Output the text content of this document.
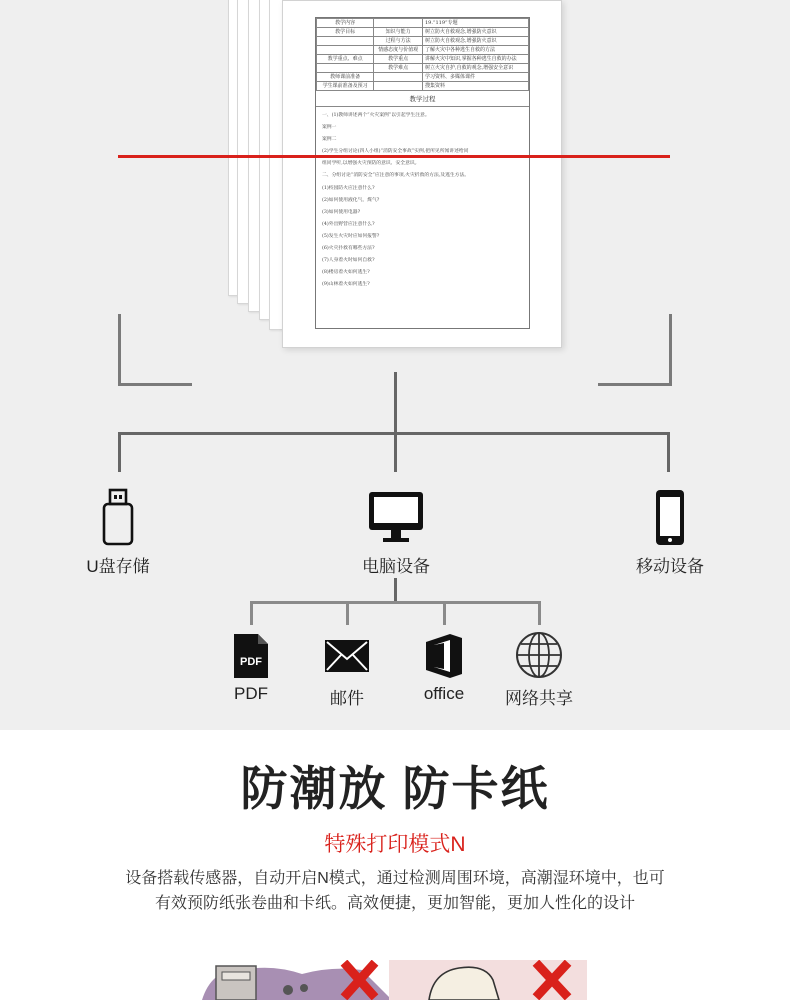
教学内容		19.“119”专题
教学目标	知识与能力	树立防火自救观念,增强防火意识
	过程与方法	树立防火自救观念,增强防火意识
	情感态度与价值观	了解火灾中各种逃生自救的方法
教学重点、难点	教学重点	讲解火灾中知识,掌握各种逃生自救的办法
	教学难点	树立火灾自护,自救的观念,增强安全意识
教师课前准备		学习资料、多媒体课件
学生课前准备及预习		搜集资料
教学过程
一、(1)教师讲述两个“火灾案例”以引起学生注意。
案例一
案例二
(2)学生分组讨论(四人小组)“消防安全事故”实例,把所见所闻讲述给同
组同学听,以增强火灾预防的意识、安全意识。
二、分组讨论“消防安全”应注意的事项,火灾折救的方法,及逃生方法。
(1)校园防火应注意什么?
(2)如何使用液化气、煤气?
(3)如何使用电器?
(4)外出野营应注意什么?
(5)发生火灾时应如何报警?
(6)火灾扑救有哪些方法?
(7)人身着火时如何自救?
(8)楼房着火如何逃生?
(9)山林着火如何逃生?
U盘存储	电脑设备	移动设备
PDF
PDF	邮件	office	网络共享
防潮放 防卡纸
特殊打印模式N
设备搭载传感器，自动开启N模式，通过检测周围环境，高潮湿环境中，也可
有效预防纸张卷曲和卡纸。高效便捷，更加智能，更加人性化的设计
